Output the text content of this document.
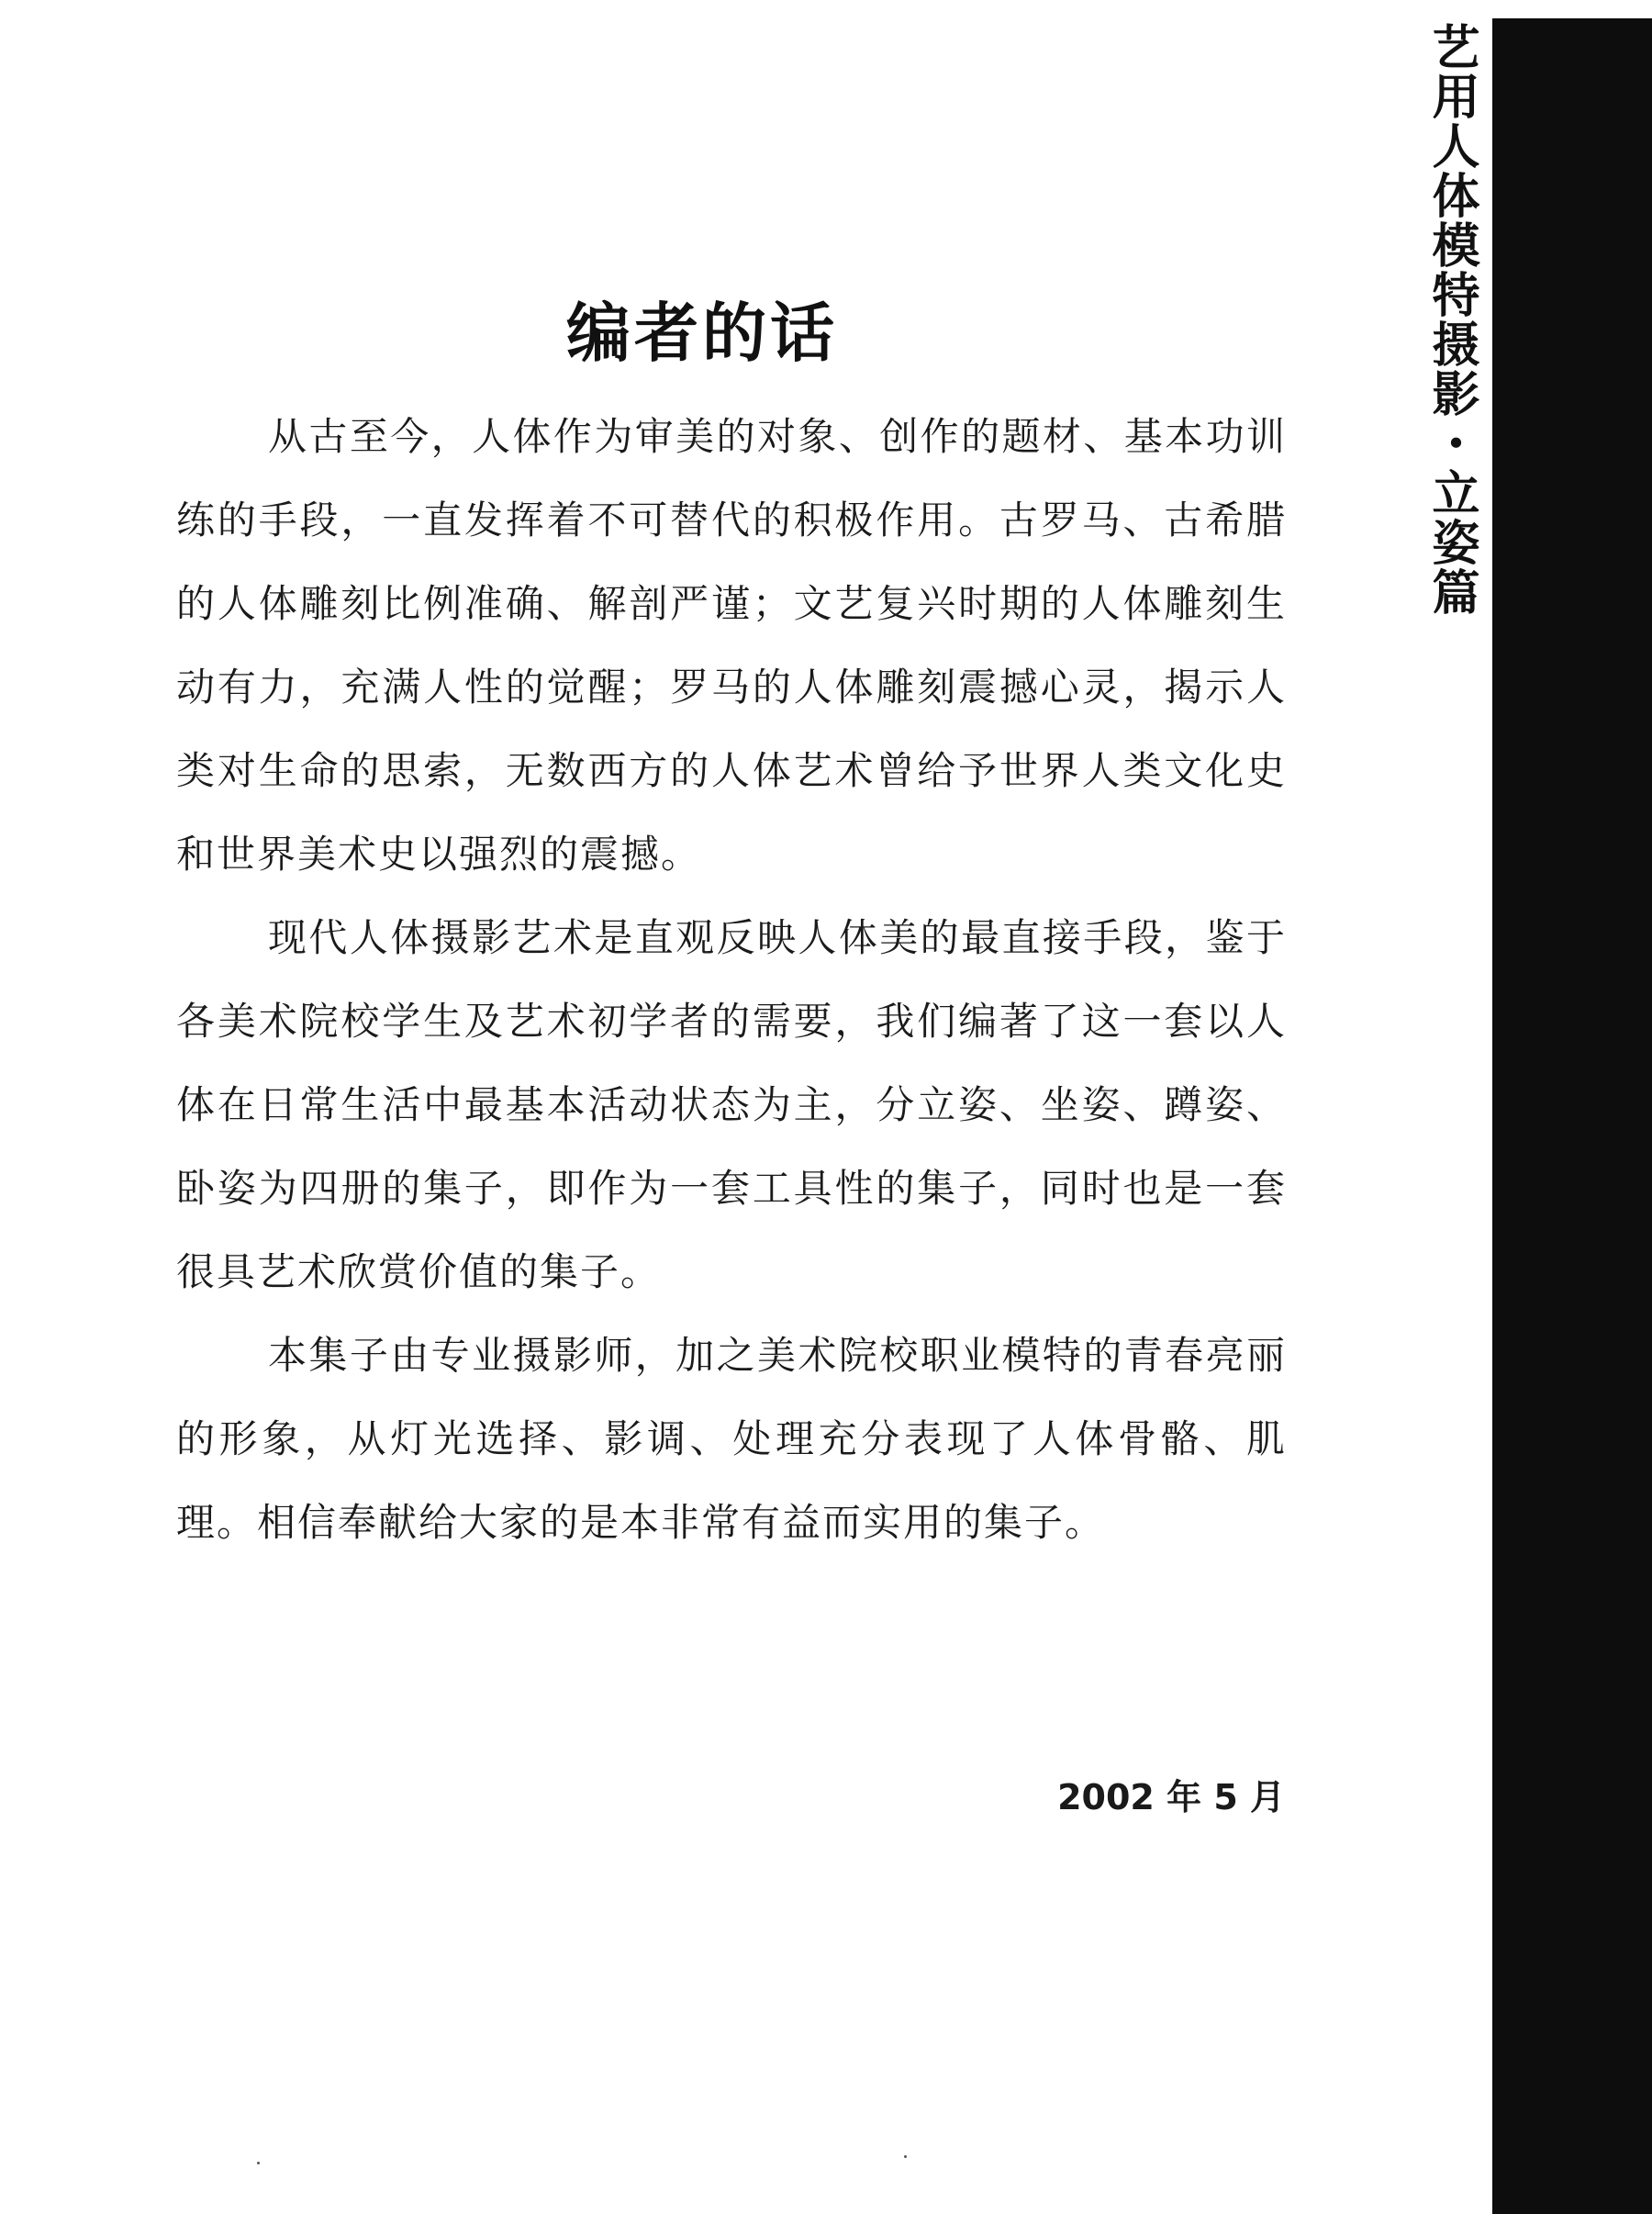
艺用人体模特摄影・立姿篇
编者的话

从古至今，人体作为审美的对象、创作的题材、基本功训练的手段，一直发挥着不可替代的积极作用。古罗马、古希腊的人体雕刻比例准确、解剖严谨；文艺复兴时期的人体雕刻生动有力，充满人性的觉醒；罗马的人体雕刻震撼心灵，揭示人类对生命的思索，无数西方的人体艺术曾给予世界人类文化史和世界美术史以强烈的震撼。

现代人体摄影艺术是直观反映人体美的最直接手段，鉴于各美术院校学生及艺术初学者的需要，我们编著了这一套以人体在日常生活中最基本活动状态为主，分立姿、坐姿、蹲姿、卧姿为四册的集子，即作为一套工具性的集子，同时也是一套很具艺术欣赏价值的集子。

本集子由专业摄影师，加之美术院校职业模特的青春亮丽的形象，从灯光选择、影调、处理充分表现了人体骨骼、肌理。相信奉献给大家的是本非常有益而实用的集子。

2002 年 5 月
